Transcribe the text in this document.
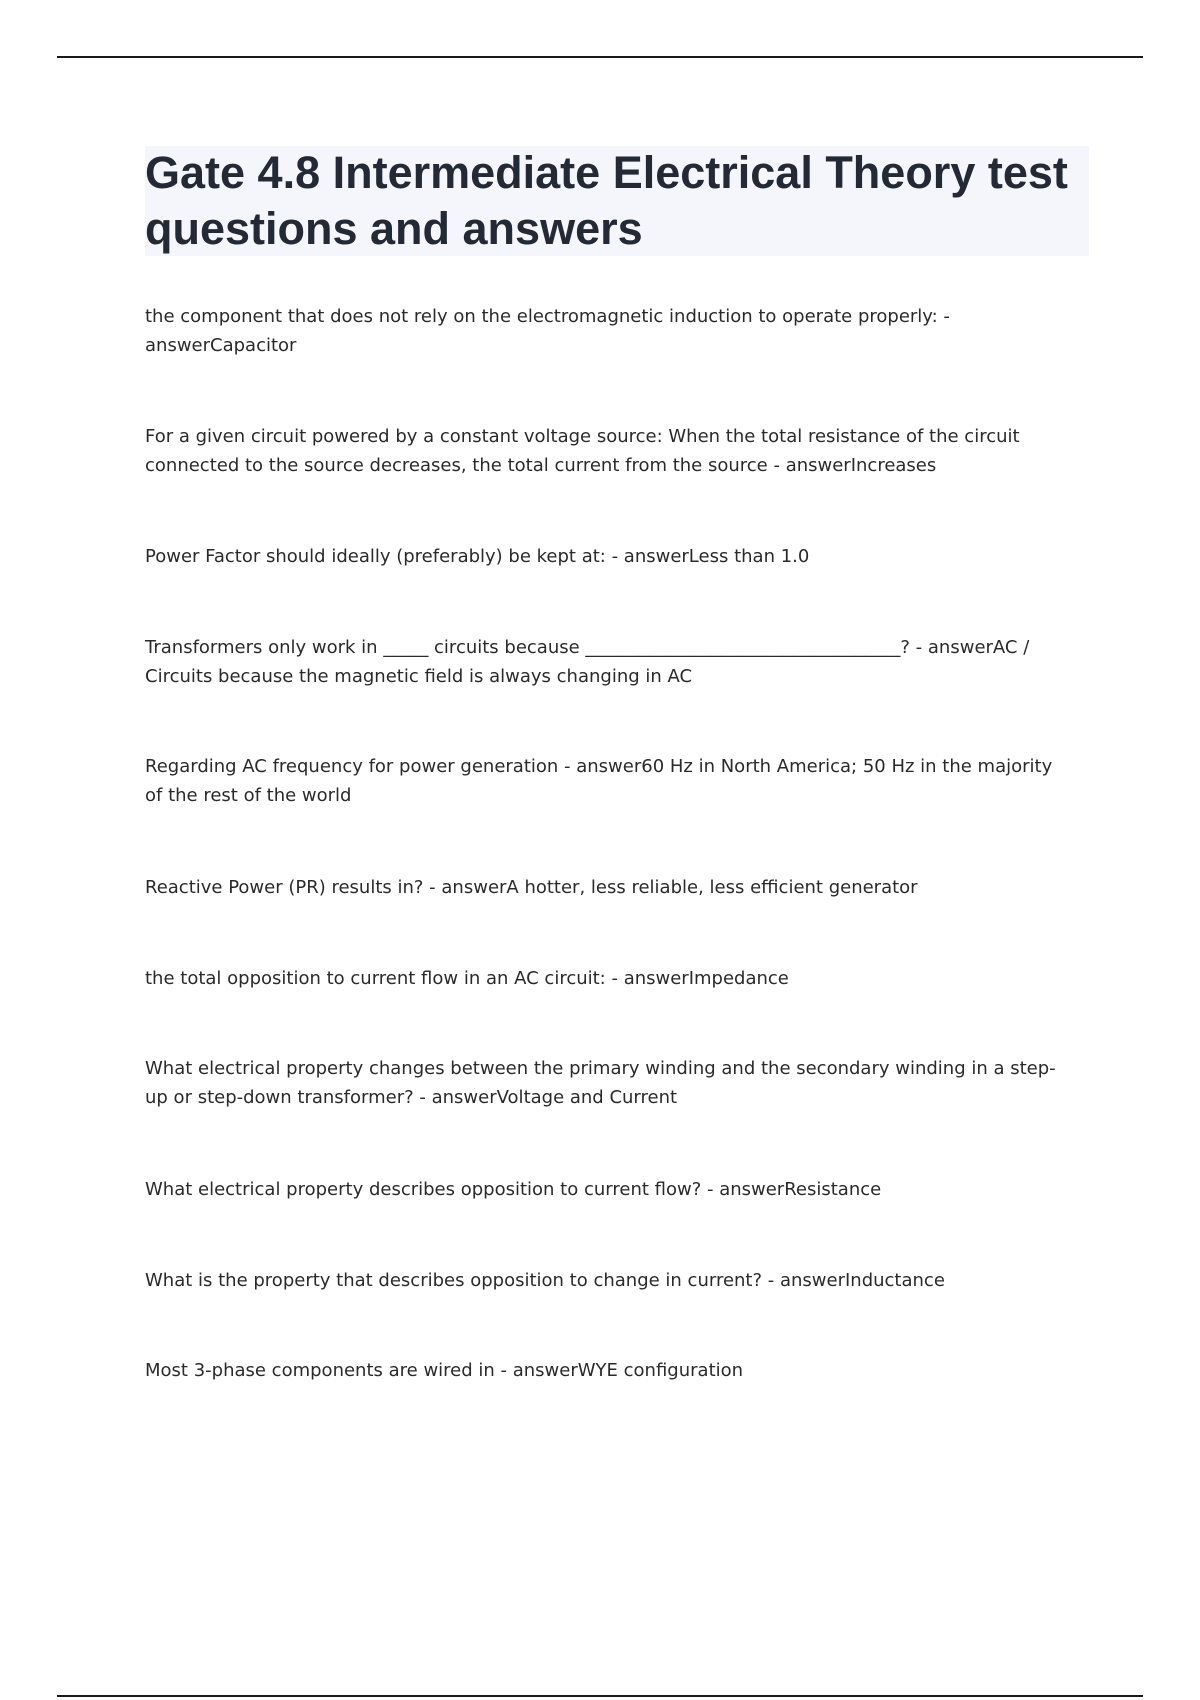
Gate 4.8 Intermediate Electrical Theory test questions and answers

the component that does not rely on the electromagnetic induction to operate properly: - answerCapacitor

For a given circuit powered by a constant voltage source: When the total resistance of the circuit connected to the source decreases, the total current from the source - answerIncreases

Power Factor should ideally (preferably) be kept at: - answerLess than 1.0

Transformers only work in _____ circuits because ___________________________________? - answerAC / Circuits because the magnetic field is always changing in AC

Regarding AC frequency for power generation - answer60 Hz in North America; 50 Hz in the majority of the rest of the world

Reactive Power (PR) results in? - answerA hotter, less reliable, less efficient generator

the total opposition to current flow in an AC circuit: - answerImpedance

What electrical property changes between the primary winding and the secondary winding in a step-up or step-down transformer? - answerVoltage and Current

What electrical property describes opposition to current flow? - answerResistance

What is the property that describes opposition to change in current? - answerInductance

Most 3-phase components are wired in - answerWYE configuration
